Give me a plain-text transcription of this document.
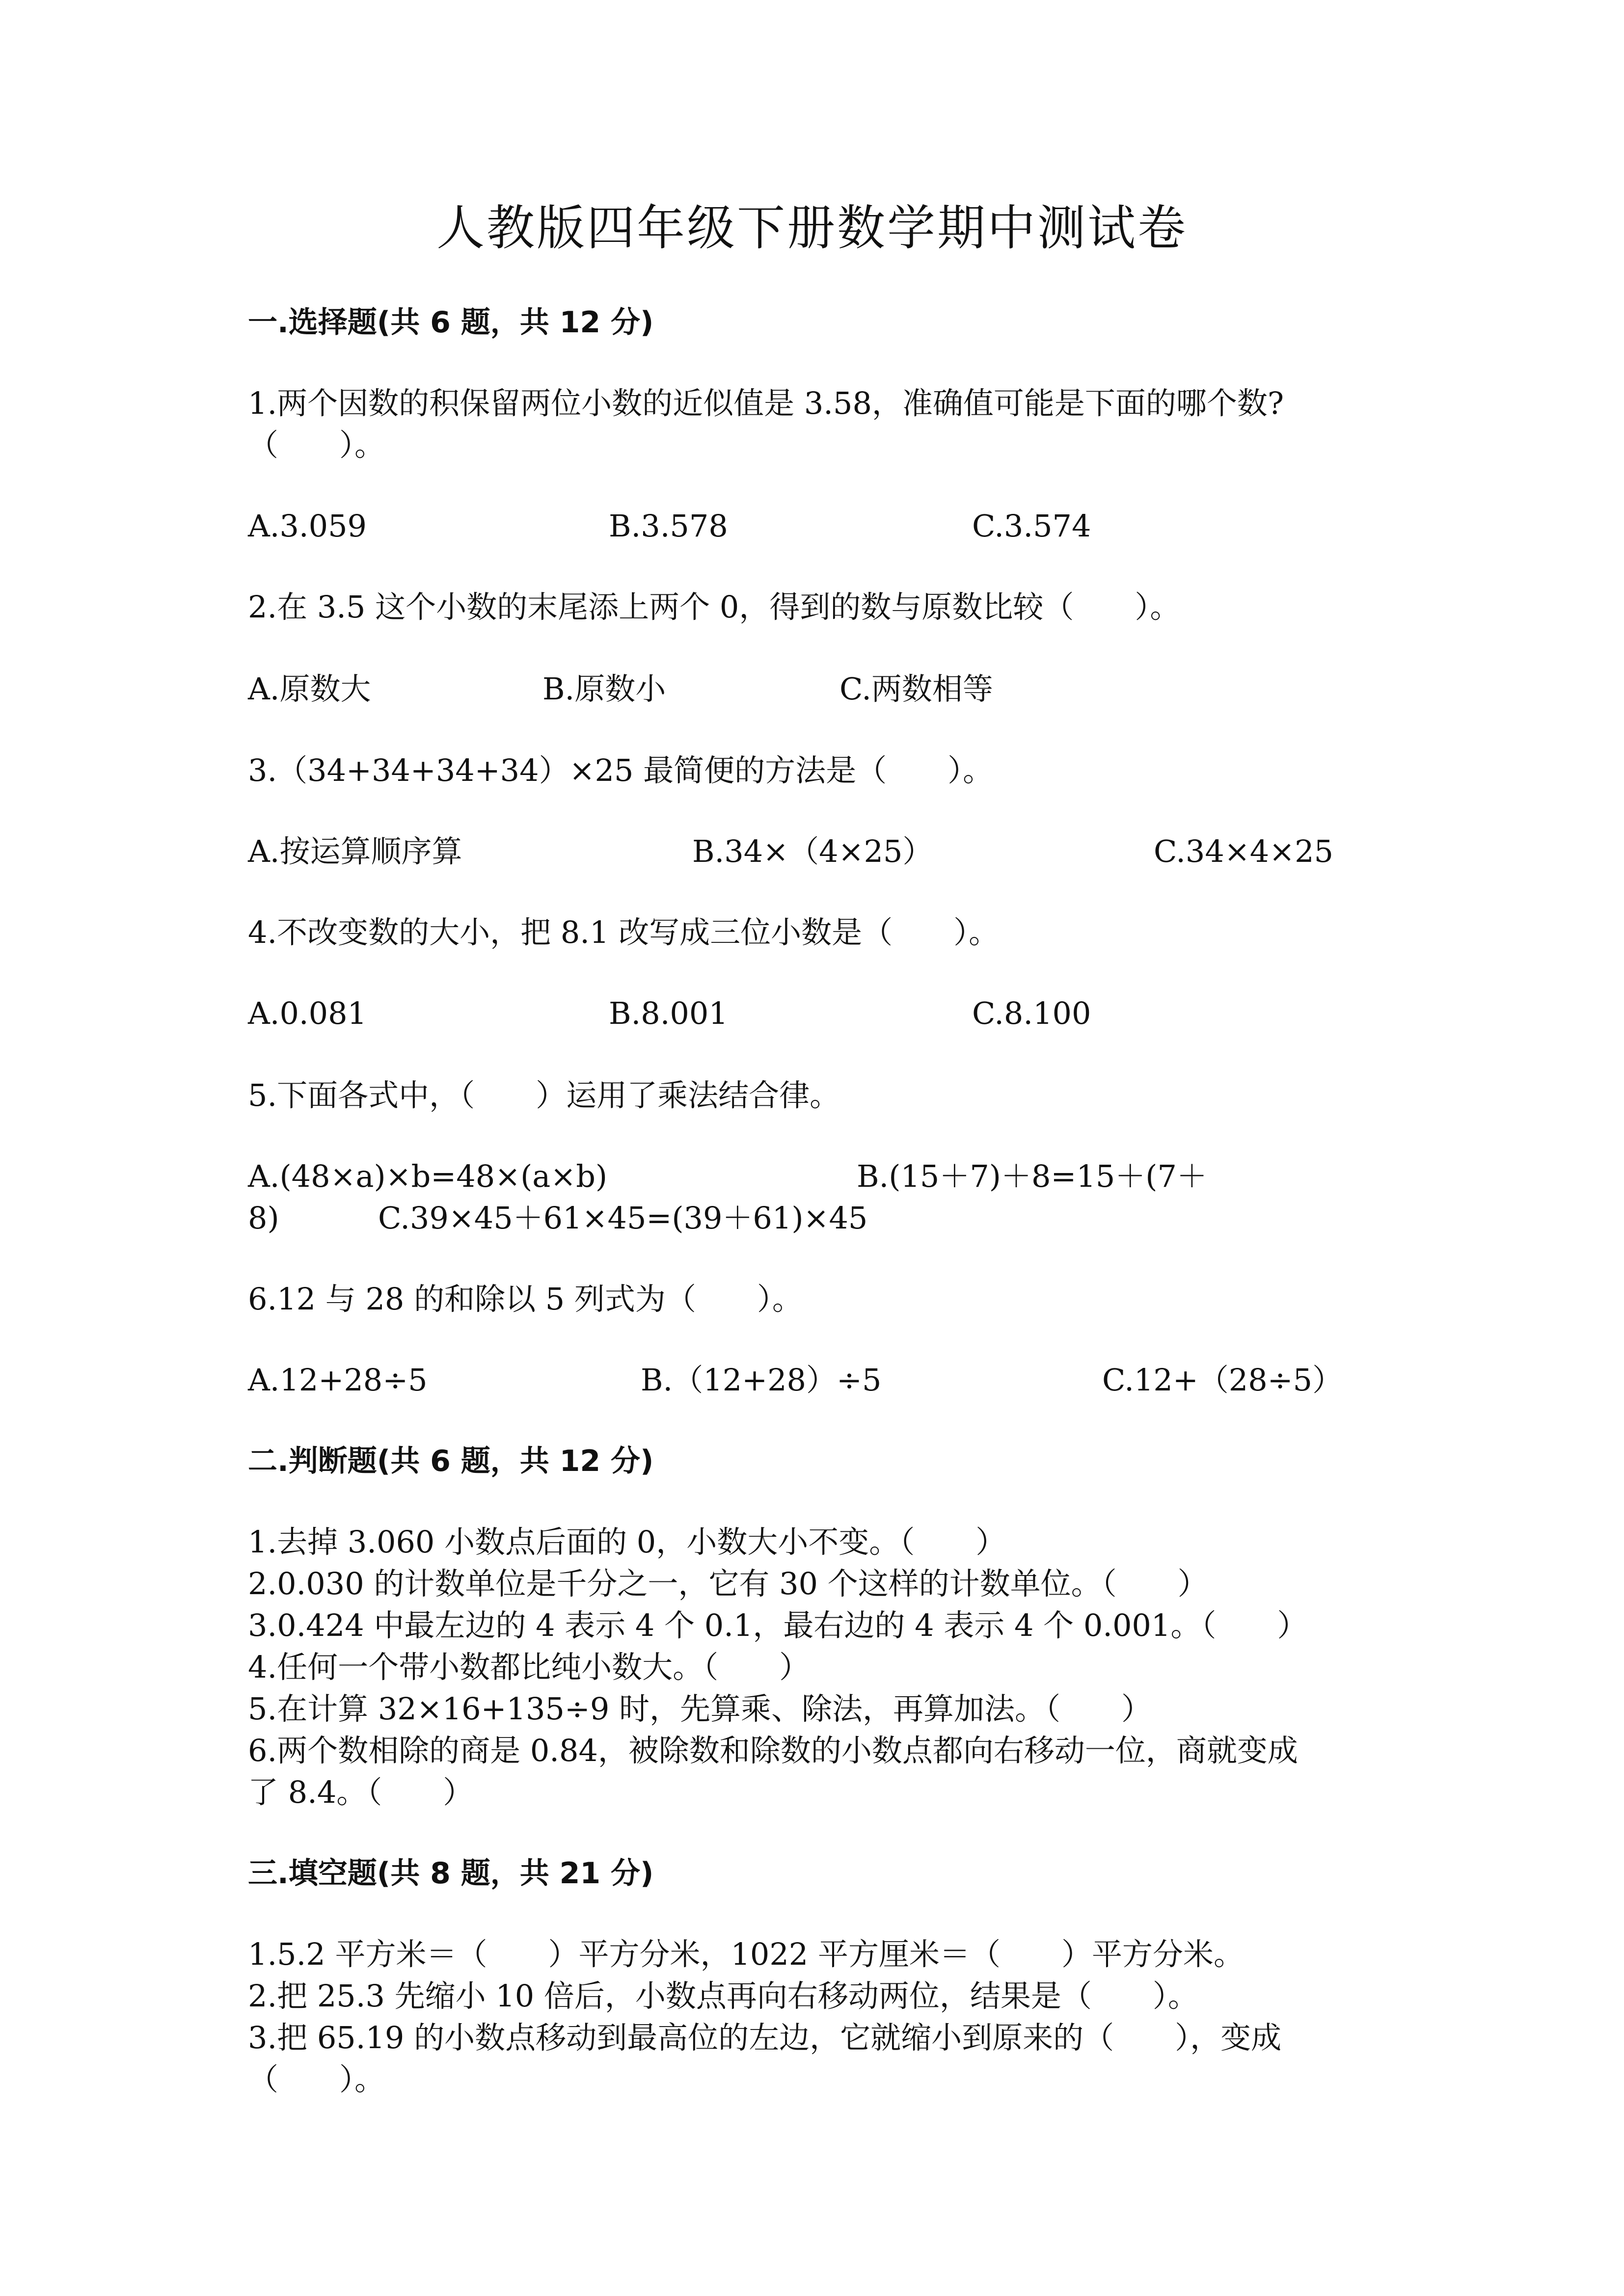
人教版四年级下册数学期中测试卷
一.选择题(共 6 题，共 12 分)
1.两个因数的积保留两位小数的近似值是 3.58，准确值可能是下面的哪个数?
（　　）。
A.3.059	B.3.578	C.3.574
2.在 3.5 这个小数的末尾添上两个 0，得到的数与原数比较（　　）。
A.原数大	B.原数小	C.两数相等
3.（34+34+34+34）×25 最简便的方法是（　　）。
A.按运算顺序算	B.34×（4×25）	C.34×4×25
4.不改变数的大小，把 8.1 改写成三位小数是（　　）。
A.0.081	B.8.001	C.8.100
5.下面各式中，（　　）运用了乘法结合律。
A.(48×a)×b=48×(a×b)	B.(15＋7)＋8=15＋(7＋
8)	C.39×45＋61×45=(39＋61)×45
6.12 与 28 的和除以 5 列式为（　　）。
A.12+28÷5	B.（12+28）÷5	C.12+（28÷5）
二.判断题(共 6 题，共 12 分)
1.去掉 3.060 小数点后面的 0，小数大小不变。（　　）
2.0.030 的计数单位是千分之一，它有 30 个这样的计数单位。（　　）
3.0.424 中最左边的 4 表示 4 个 0.1，最右边的 4 表示 4 个 0.001。（　　）
4.任何一个带小数都比纯小数大。（　　）
5.在计算 32×16+135÷9 时，先算乘、除法，再算加法。（　　）
6.两个数相除的商是 0.84，被除数和除数的小数点都向右移动一位，商就变成
了 8.4。（　　）
三.填空题(共 8 题，共 21 分)
1.5.2 平方米＝（　　）平方分米，1022 平方厘米＝（　　）平方分米。
2.把 25.3 先缩小 10 倍后，小数点再向右移动两位，结果是（　　）。
3.把 65.19 的小数点移动到最高位的左边，它就缩小到原来的（　　），变成
（　　）。
